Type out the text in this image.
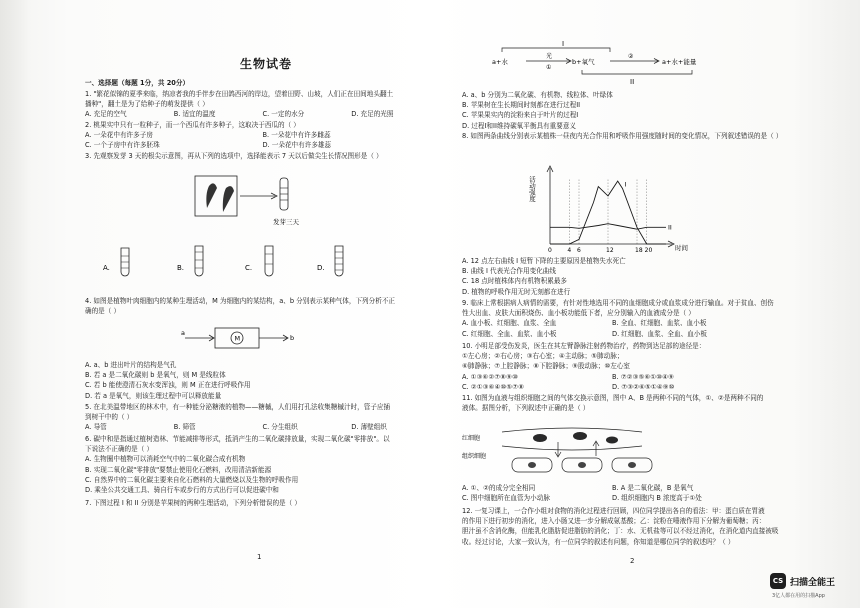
生物试卷
一、选择题（每题 1分，共 20分）
1. "繁花似锦的夏季来临，纳凉者我的手伴步在田鸽西河的岸边，望着田野、山坡，人们正在田间地头翻土
播种"，翻土是为了给种子的萌发提供（ ）
A. 充足的空气	B. 适宜的温度	C. 一定的水分	D. 充足的光照
2. 桃果实中只有一粒种子，而一个西瓜有许多种子，这取决于西瓜的（ ）
A. 一朵花中有许多子房	B. 一朵花中有许多雌蕊
C. 一个子房中有许多胚珠	D. 一朵花中有许多雄蕊
3. 先观察发芽 3 天的根尖示意图，再从下列的选项中，选择能表示 7 天以后做尖生长情况图形是（ ）
发芽三天
A.	B.	C.	D.
4. 如图是植物叶肉细胞内的某种生理活动，M 为细胞内的某结构，a、b 分别表示某种气体，下列分析不正
确的是（ ）
a
M	b
A. a、b 进出叶片的结构是气孔
B. 若 a 是二氧化碳则 b 是氧气，则 M 是线粒体
C. 若 b 能使澄清石灰水变浑浊，则 M 正在进行呼吸作用
D. 若 a 是氧气，则该生理过程中可以释放能量
5. 在北美温带地区的林木中，有一种能分泌糖液的植物——糖槭，人们用打孔法收集糖槭汁时，管子应插
到树干中的（ ）
A. 导管	B. 筛管	C. 分生组织	D. 薄壁组织
6. 碳中和是指通过植树造林、节能减排等形式，抵消产生的二氧化碳排放量，实现二氧化碳"零排放"。以
下说法不正确的是（ ）
A. 生物圈中植物可以消耗空气中的二氧化碳合成有机物
B. 实现二氧化碳"零排放"要禁止使用化石燃料，改用清洁新能源
C. 自然界中的二氧化碳主要来自化石燃料的大量燃烧以及生物的呼吸作用
D. 乘坐公共交通工具、骑自行车或步行的方式出行可以促进碳中和
7. 下图过程 I 和 II 分别是苹果树的两种生理活动，下列分析错误的是（ ）
1
I
a+水
光
①
b+氧气
②
a+水+能量
II
A. a、b 分别为二氧化碳、有机物、线粒体、叶绿体
B. 苹果树在生长期间时刻都在进行过程II
C. 苹果果实内的淀粉来自于叶片的过程I
D. 过程I和II维持碳氧平衡具有重要意义
8. 如图两条曲线分别表示某植株一昼夜内光合作用和呼吸作用强度随时间的变化情况，下列叙述错误的是（ ）
活动强度
时间
0	4 6	12	18 20
I
II
A. 12 点左右曲线 I 短暂下降的主要原因是植物失水死亡
B. 曲线 I 代表光合作用变化曲线
C. 18 点时植株体内有机物积累最多
D. 植物的呼吸作用无时无刻都在进行
9. 临床上常根据病人病情的需要，有针对性地选用不同的血细胞成分或血浆成分进行输血。对于贫血、创伤
性大出血、皮肤大面积烧伤、血小板功能低下者，应分别输入的血液成分是（ ）
A. 血小板、红细胞、血浆、全血	B. 全血、红细胞、血浆、血小板
C. 红细胞、全血、血浆、血小板	D. 红细胞、血浆、全血、血小板
10. 小明足部受伤发炎，医生在其左臂静脉注射药物治疗，药物到达足部的途径是：
①左心房；②右心房；③右心室；④主动脉；⑤肺动脉；
⑥肺静脉；⑦上腔静脉；⑧下腔静脉；⑨股动脉；⑩左心室
A. ①③⑥②⑦⑧⑨⑩	B. ⑦②③⑤⑥①⑩④⑨
C. ②①③⑥④⑩⑤⑦⑧	D. ⑦③②⑥⑤①④⑨⑩
11. 如图为血液与组织细胞之间的气体交换示意图，图中 A、B 是两种不同的气体，①、②是两种不同的
液体。据图分析，下列叙述中正确的是（ ）
红细胞
组织细胞
A. ①、②的成分完全相同	B. A 是二氧化碳，B 是氧气
C. 图中细胞所在血管为小动脉	D. 组织细胞内 B 浓度高于①处
12. 一复习课上，一合作小组对食物的消化过程进行回顾，四位同学提出各自的看法：甲：蛋白质在胃液
的作用下进行初步的消化，进入小肠又进一步分解成氨基酸；乙：淀粉在唾液作用下分解为葡萄糖；丙：
胆汁虽不含消化酶，但能乳化脂肪促进脂肪的消化；丁：水、无机盐等可以不经过消化，在消化道内直接被吸
收。经过讨论，大家一致认为，有一位同学的叙述有问题，你知道是哪位同学的叙述吗？（ ）
2
CS 扫描全能王
3亿人都在用的扫描App
